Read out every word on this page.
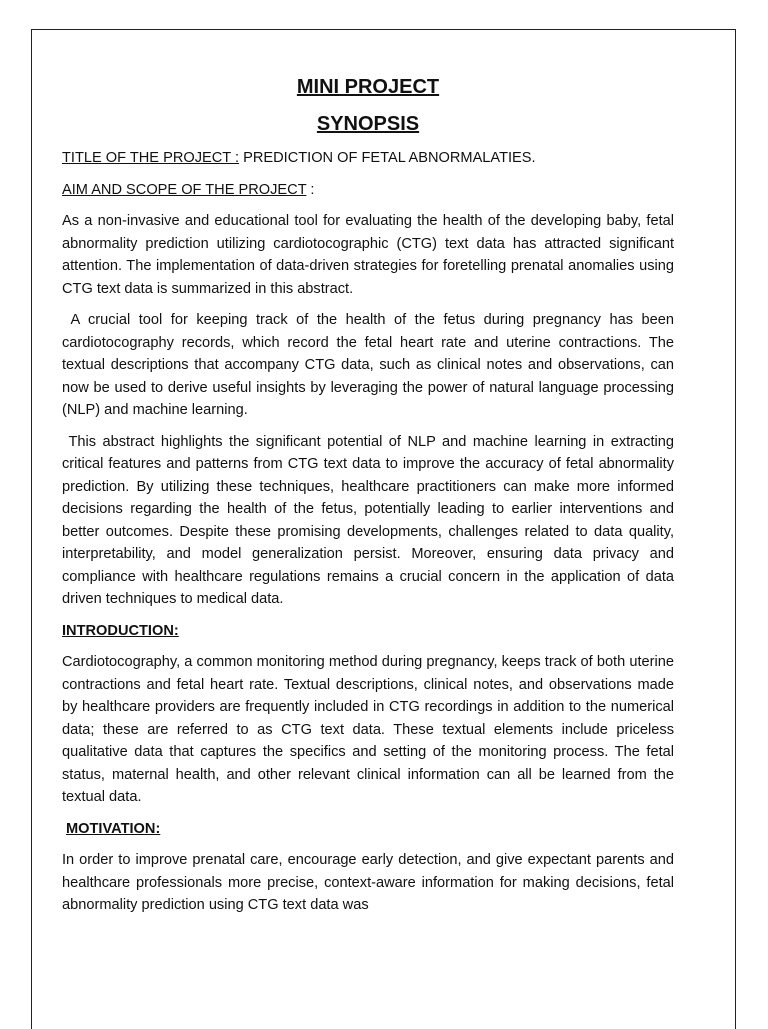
MINI PROJECT
SYNOPSIS

TITLE OF THE PROJECT : PREDICTION OF FETAL ABNORMALATIES.

AIM AND SCOPE OF THE PROJECT :

As a non-invasive and educational tool for evaluating the health of the developing baby, fetal abnormality prediction utilizing cardiotocographic (CTG) text data has attracted significant attention. The implementation of data-driven strategies for foretelling prenatal anomalies using CTG text data is summarized in this abstract.

A crucial tool for keeping track of the health of the fetus during pregnancy has been cardiotocography records, which record the fetal heart rate and uterine contractions. The textual descriptions that accompany CTG data, such as clinical notes and observations, can now be used to derive useful insights by leveraging the power of natural language processing (NLP) and machine learning.

This abstract highlights the significant potential of NLP and machine learning in extracting critical features and patterns from CTG text data to improve the accuracy of fetal abnormality prediction. By utilizing these techniques, healthcare practitioners can make more informed decisions regarding the health of the fetus, potentially leading to earlier interventions and better outcomes. Despite these promising developments, challenges related to data quality, interpretability, and model generalization persist. Moreover, ensuring data privacy and compliance with healthcare regulations remains a crucial concern in the application of data driven techniques to medical data.

INTRODUCTION:

Cardiotocography, a common monitoring method during pregnancy, keeps track of both uterine contractions and fetal heart rate. Textual descriptions, clinical notes, and observations made by healthcare providers are frequently included in CTG recordings in addition to the numerical data; these are referred to as CTG text data. These textual elements include priceless qualitative data that captures the specifics and setting of the monitoring process. The fetal status, maternal health, and other relevant clinical information can all be learned from the textual data.

MOTIVATION:

In order to improve prenatal care, encourage early detection, and give expectant parents and healthcare professionals more precise, context-aware information for making decisions, fetal abnormality prediction using CTG text data was
